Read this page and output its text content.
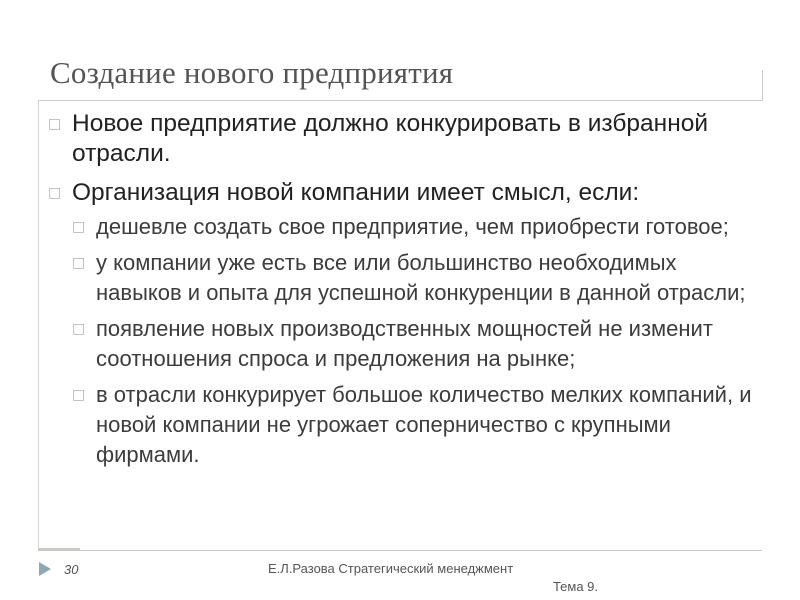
Создание нового предприятия
□ Новое предприятие должно конкурировать в избранной отрасли.
□ Организация новой компании имеет смысл, если:
□ дешевле создать свое предприятие, чем приобрести готовое;
□ у компании уже есть все или большинство необходимых навыков и опыта для успешной конкуренции в данной отрасли;
□ появление новых производственных мощностей не изменит соотношения спроса и предложения на рынке;
□ в отрасли конкурирует большое количество мелких компаний, и новой компании не угрожает соперничество с крупными фирмами.
30	Е.Л.Разова Стратегический менеджмент
Тема 9.
